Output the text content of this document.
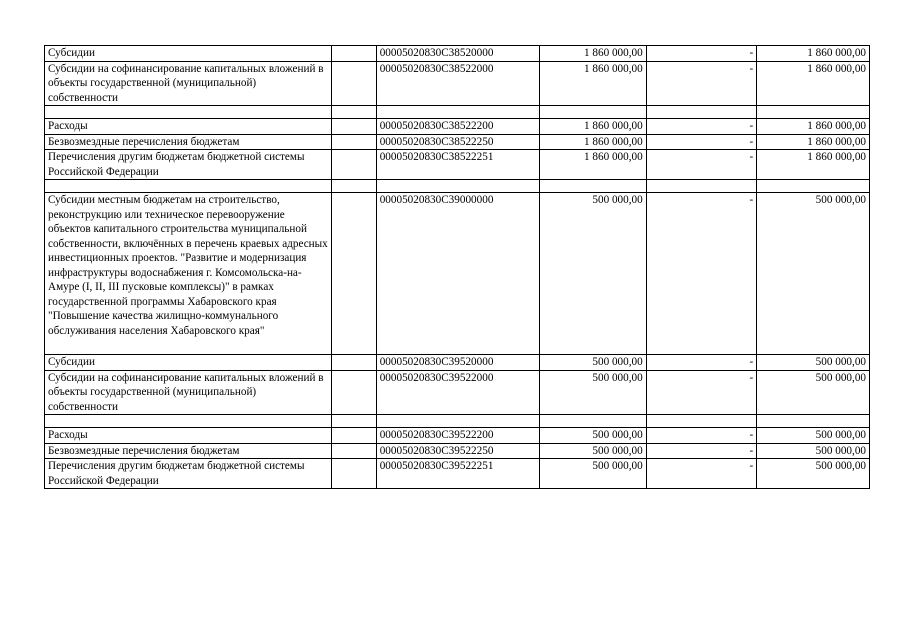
Субсидии		00005020830C38520000	1 860 000,00	-	1 860 000,00
Субсидии на софинансирование капитальных вложений в объекты государственной (муниципальной) собственности		00005020830C38522000	1 860 000,00	-	1 860 000,00

Расходы		00005020830C38522200	1 860 000,00	-	1 860 000,00
Безвозмездные перечисления бюджетам		00005020830C38522250	1 860 000,00	-	1 860 000,00
Перечисления другим бюджетам бюджетной системы Российской Федерации		00005020830C38522251	1 860 000,00	-	1 860 000,00

Субсидии местным бюджетам на строительство, реконструкцию или техническое перевооружение объектов капитального строительства муниципальной собственности, включённых в перечень краевых адресных инвестиционных проектов. "Развитие и модернизация инфраструктуры водоснабжения г. Комсомольска-на-Амуре (I, II, III пусковые комплексы)" в рамках государственной программы Хабаровского края "Повышение качества жилищно-коммунального обслуживания населения Хабаровского края"		00005020830C39000000	500 000,00	-	500 000,00
Субсидии		00005020830C39520000	500 000,00	-	500 000,00
Субсидии на софинансирование капитальных вложений в объекты государственной (муниципальной) собственности		00005020830C39522000	500 000,00	-	500 000,00

Расходы		00005020830C39522200	500 000,00	-	500 000,00
Безвозмездные перечисления бюджетам		00005020830C39522250	500 000,00	-	500 000,00
Перечисления другим бюджетам бюджетной системы Российской Федерации		00005020830C39522251	500 000,00	-	500 000,00
